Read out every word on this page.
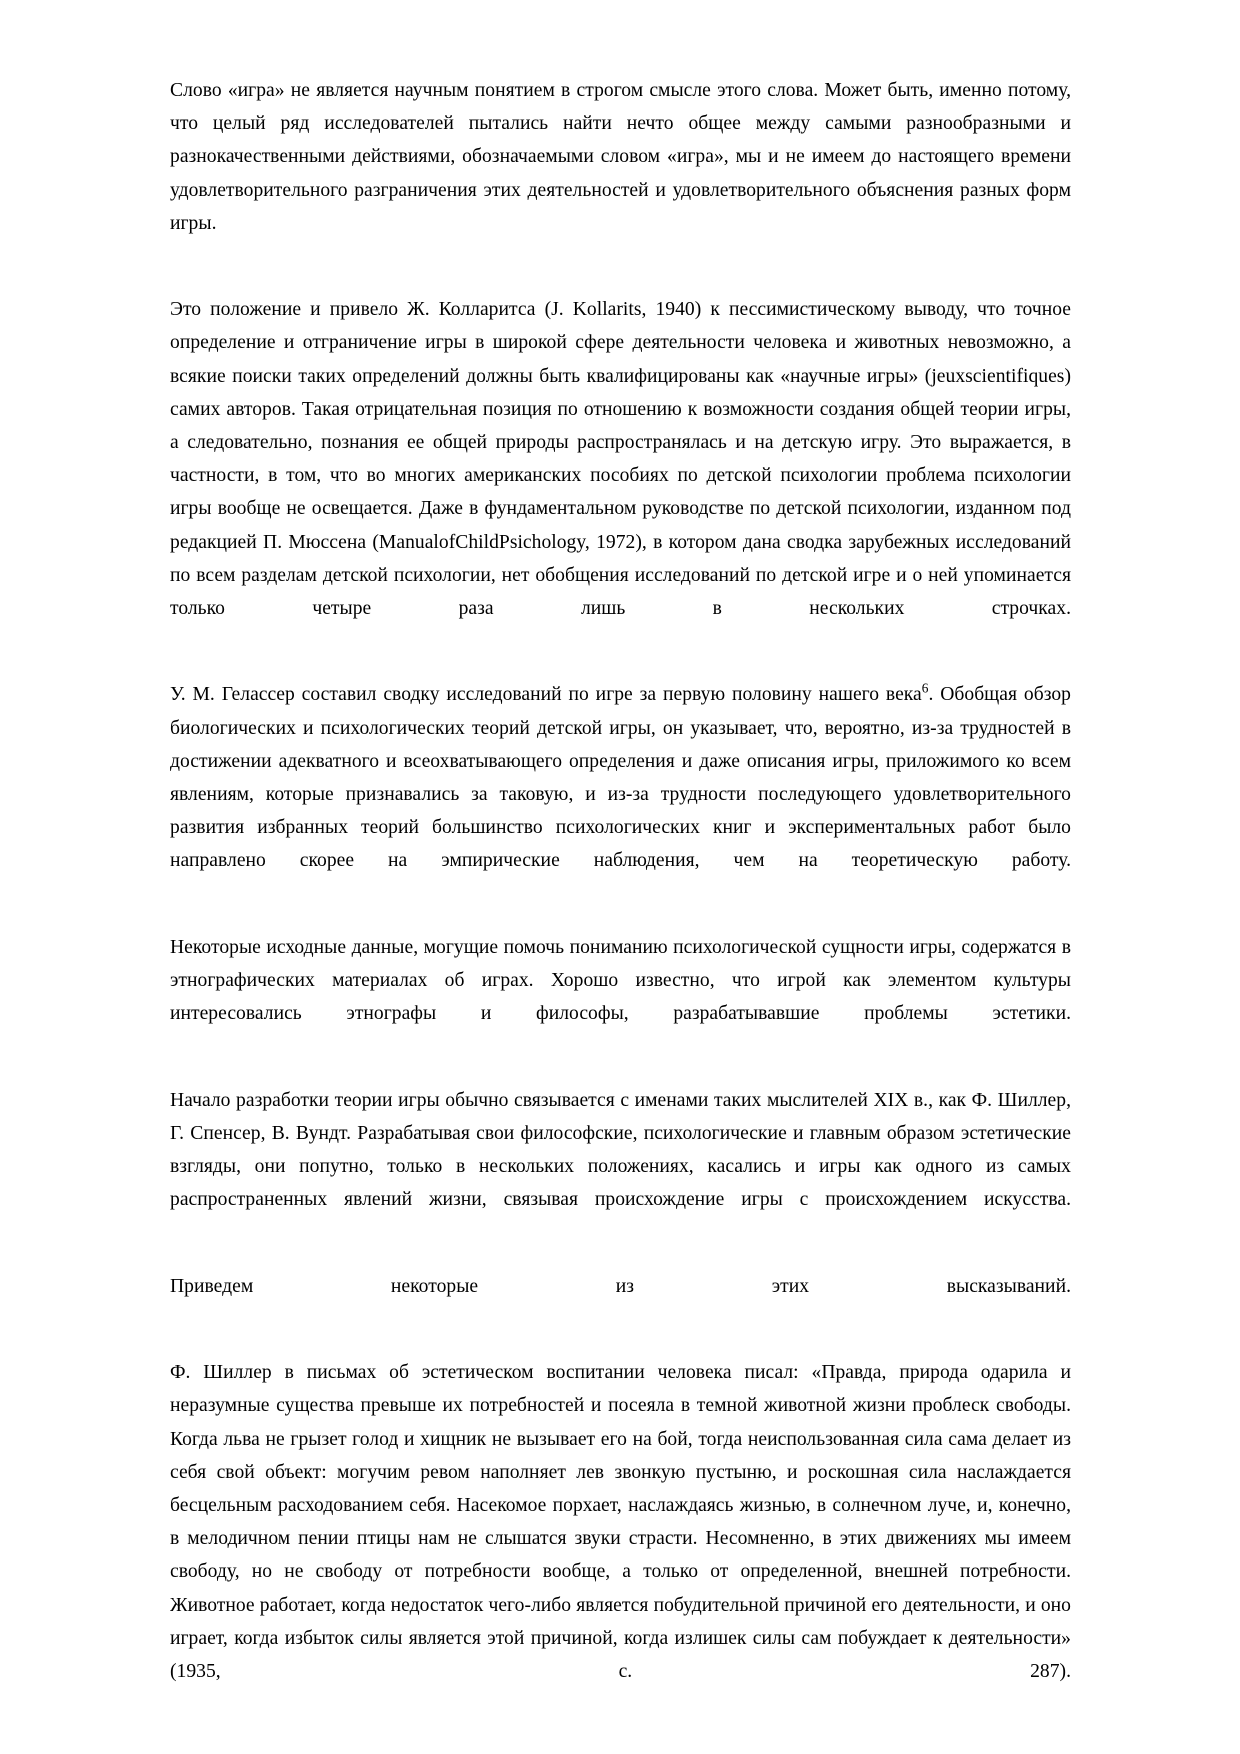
Слово «игра» не является научным понятием в строгом смысле этого слова. Может быть, именно потому, что целый ряд исследователей пытались найти нечто общее между самыми разнообразными и разнокачественными действиями, обозначаемыми словом «игра», мы и не имеем до настоящего времени удовлетворительного разграничения этих деятельностей и удовлетворительного объяснения разных форм игры.

Это положение и привело Ж. Колларитса (J. Kollarits, 1940) к пессимистическому выводу, что точное определение и отграничение игры в широкой сфере деятельности человека и животных невозможно, а всякие поиски таких определений должны быть квалифицированы как «научные игры» (jeuxscientifiques) самих авторов. Такая отрицательная позиция по отношению к возможности создания общей теории игры, а следовательно, познания ее общей природы распространялась и на детскую игру. Это выражается, в частности, в том, что во многих американских пособиях по детской психологии проблема психологии игры вообще не освещается. Даже в фундаментальном руководстве по детской психологии, изданном под редакцией П. Мюссена (ManualofChildPsichology, 1972), в котором дана сводка зарубежных исследований по всем разделам детской психологии, нет обобщения исследований по детской игре и о ней упоминается только четыре раза лишь в нескольких строчках.

У. М. Геласcер составил сводку исследований по игре за первую половину нашего века$^6$. Обобщая обзор биологических и психологических теорий детской игры, он указывает, что, вероятно, из-за трудностей в достижении адекватного и всеохватывающего определения и даже описания игры, приложимого ко всем явлениям, которые признавались за таковую, и из-за трудности последующего удовлетворительного развития избранных теорий большинство психологических книг и экспериментальных работ было направлено скорее на эмпирические наблюдения, чем на теоретическую работу.

Некоторые исходные данные, могущие помочь пониманию психологической сущности игры, содержатся в этнографических материалах об играх. Хорошо известно, что игрой как элементом культуры интересовались этнографы и философы, разрабатывавшие проблемы эстетики.

Начало разработки теории игры обычно связывается с именами таких мыслителей XIX в., как Ф. Шиллер, Г. Спенсер, В. Вундт. Разрабатывая свои философские, психологические и главным образом эстетические взгляды, они попутно, только в нескольких положениях, касались и игры как одного из самых распространенных явлений жизни, связывая происхождение игры с происхождением искусства.

Приведем некоторые из этих высказываний.

Ф. Шиллер в письмах об эстетическом воспитании человека писал: «Правда, природа одарила и неразумные существа превыше их потребностей и посеяла в темной животной жизни проблеск свободы. Когда льва не грызет голод и хищник не вызывает его на бой, тогда неиспользованная сила сама делает из себя свой объект: могучим ревом наполняет лев звонкую пустыню, и роскошная сила наслаждается бесцельным расходованием себя. Насекомое порхает, наслаждаясь жизнью, в солнечном луче, и, конечно, в мелодичном пении птицы нам не слышатся звуки страсти. Несомненно, в этих движениях мы имеем свободу, но не свободу от потребности вообще, а только от определенной, внешней потребности. Животное работает, когда недостаток чего-либо является побудительной причиной его деятельности, и оно играет, когда избыток силы является этой причиной, когда излишек силы сам побуждает к деятельности» (1935, с. 287).
